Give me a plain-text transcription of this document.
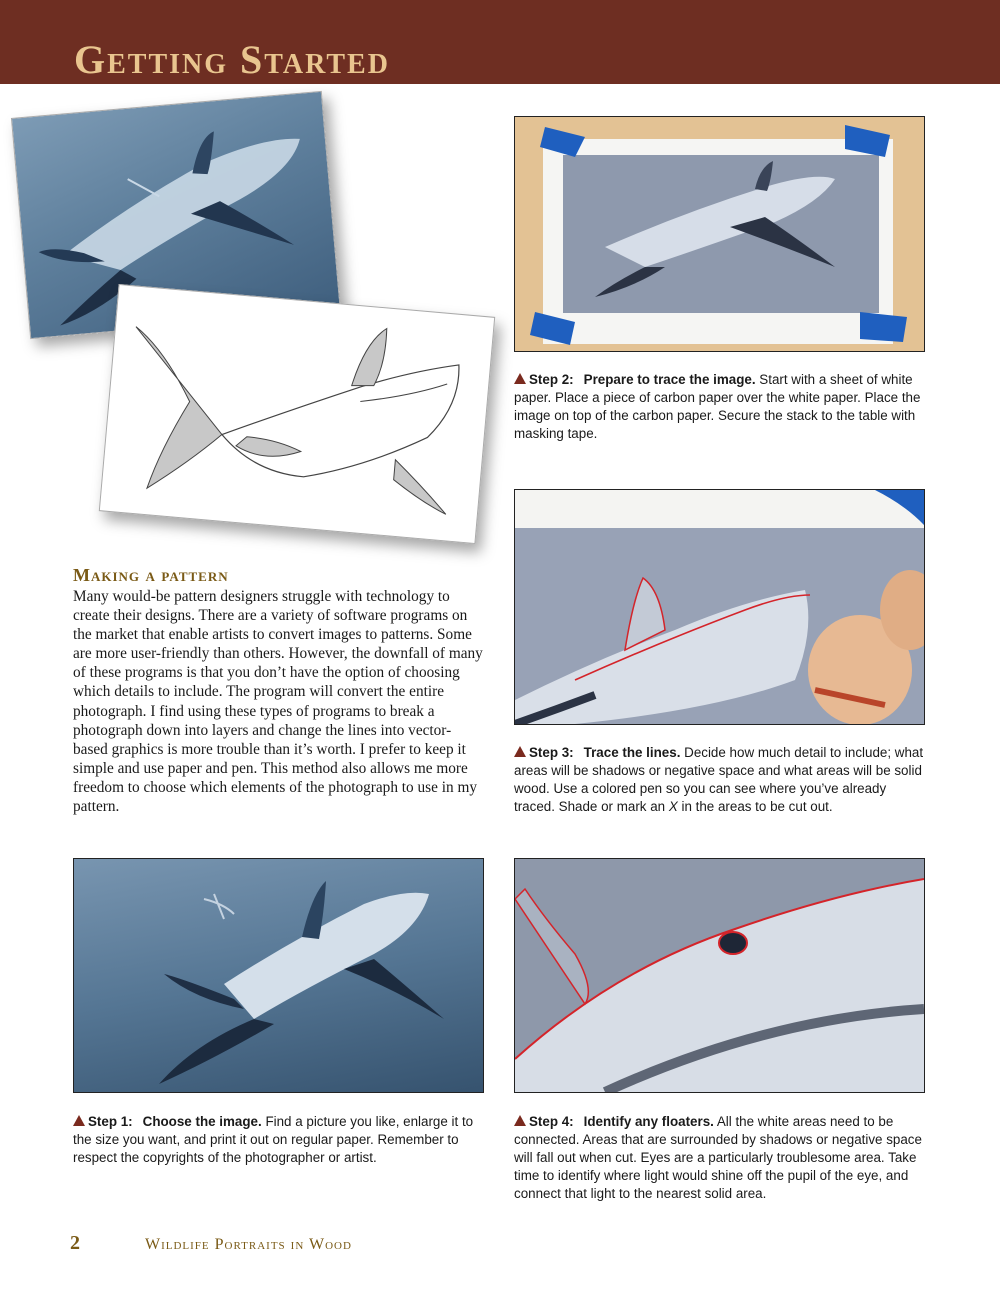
Getting Started
Step 2: Prepare to trace the image. Start with a sheet of white paper. Place a piece of carbon paper over the white paper. Place the image on top of the carbon paper. Secure the stack to the table with masking tape.
Step 3: Trace the lines. Decide how much detail to include; what areas will be shadows or negative space and what areas will be solid wood. Use a colored pen so you can see where you’ve already traced. Shade or mark an X in the areas to be cut out.
Making a pattern
Many would-be pattern designers struggle with technology to create their designs. There are a variety of software programs on the market that enable artists to convert images to patterns. Some are more user-friendly than others. However, the downfall of many of these programs is that you don’t have the option of choosing which details to include. The program will convert the entire photograph. I find using these types of programs to break a photograph down into layers and change the lines into vector-based graphics is more trouble than it’s worth. I prefer to keep it simple and use paper and pen. This method also allows me more freedom to choose which elements of the photograph to use in my pattern.
Step 1: Choose the image. Find a picture you like, enlarge it to the size you want, and print it out on regular paper. Remember to respect the copyrights of the photographer or artist.
Step 4: Identify any floaters. All the white areas need to be connected. Areas that are surrounded by shadows or negative space will fall out when cut. Eyes are a particularly troublesome area. Take time to identify where light would shine off the pupil of the eye, and connect that light to the nearest solid area.
2	Wildlife Portraits in Wood
